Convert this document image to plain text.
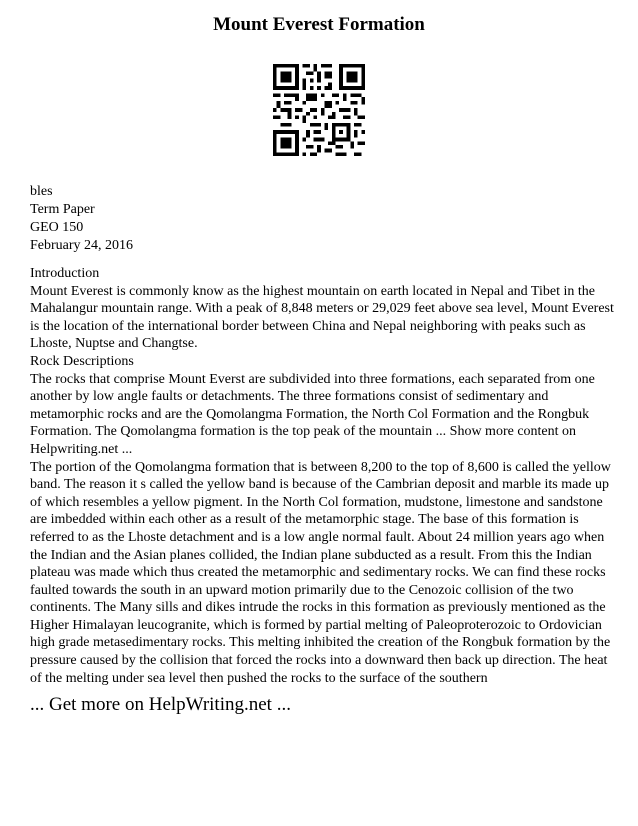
Mount Everest Formation
bles
Term Paper
GEO 150
February 24, 2016

Introduction

Mount Everest is commonly know as the highest mountain on earth located in Nepal and Tibet in the Mahalangur mountain range. With a peak of 8,848 meters or 29,029 feet above sea level, Mount Everest is the location of the international border between China and Nepal neighboring with peaks such as Lhoste, Nuptse and Changtse.

Rock Descriptions

The rocks that comprise Mount Everst are subdivided into three formations, each separated from one another by low angle faults or detachments. The three formations consist of sedimentary and metamorphic rocks and are the Qomolangma Formation, the North Col Formation and the Rongbuk Formation. The Qomolangma formation is the top peak of the mountain ... Show more content on Helpwriting.net ...

The portion of the Qomolangma formation that is between 8,200 to the top of 8,600 is called the yellow band. The reason it s called the yellow band is because of the Cambrian deposit and marble its made up of which resembles a yellow pigment. In the North Col formation, mudstone, limestone and sandstone are imbedded within each other as a result of the metamorphic stage. The base of this formation is referred to as the Lhoste detachment and is a low angle normal fault. About 24 million years ago when the Indian and the Asian planes collided, the Indian plane subducted as a result. From this the Indian plateau was made which thus created the metamorphic and sedimentary rocks. We can find these rocks faulted towards the south in an upward motion primarily due to the Cenozoic collision of the two continents. The Many sills and dikes intrude the rocks in this formation as previously mentioned as the Higher Himalayan leucogranite, which is formed by partial melting of Paleoproterozoic to Ordovician high grade metasedimentary rocks. This melting inhibited the creation of the Rongbuk formation by the pressure caused by the collision that forced the rocks into a downward then back up direction. The heat of the melting under sea level then pushed the rocks to the surface of the southern

... Get more on HelpWriting.net ...
